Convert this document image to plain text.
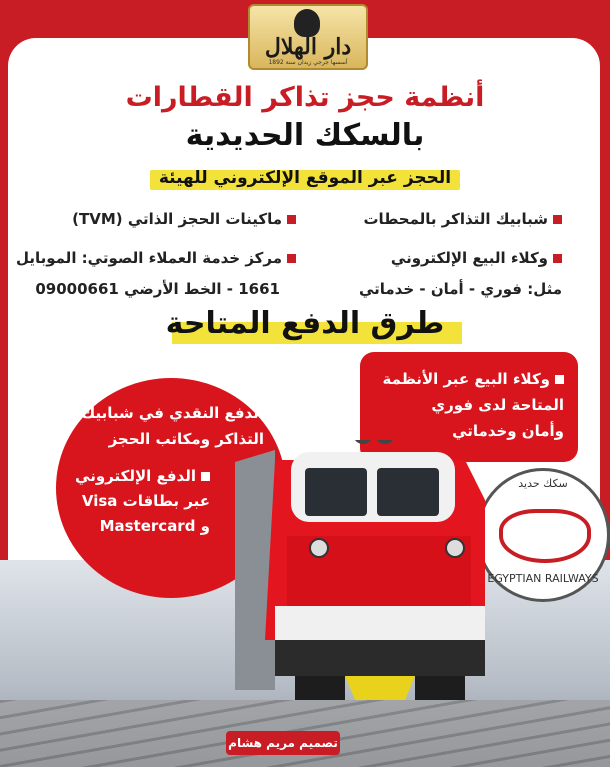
دار الهلال
أسسها جرجي زيدان سنة 1892
أنظمة حجز تذاكر القطارات
بالسكك الحديدية
الحجز عبر الموقع الإلكتروني للهيئة
شبابيك التذاكر بالمحطات
وكلاء البيع الإلكتروني
مثل: فوري - أمان - خدماتي
ماكينات الحجز الذاتي (TVM)
مركز خدمة العملاء الصوتي: الموبايل
1661 - الخط الأرضي 09000661
طرق الدفع المتاحة
وكلاء البيع عبر الأنظمة
المتاحة لدى فوري
وأمان وخدماتي
الدفع النقدي في شبابيك
التذاكر ومكاتب الحجز
الدفع الإلكتروني
عبر بطاقات Visa
و Mastercard
سكك حديد
EGYPTIAN RAILWAYS
تصميم مريم هشام
